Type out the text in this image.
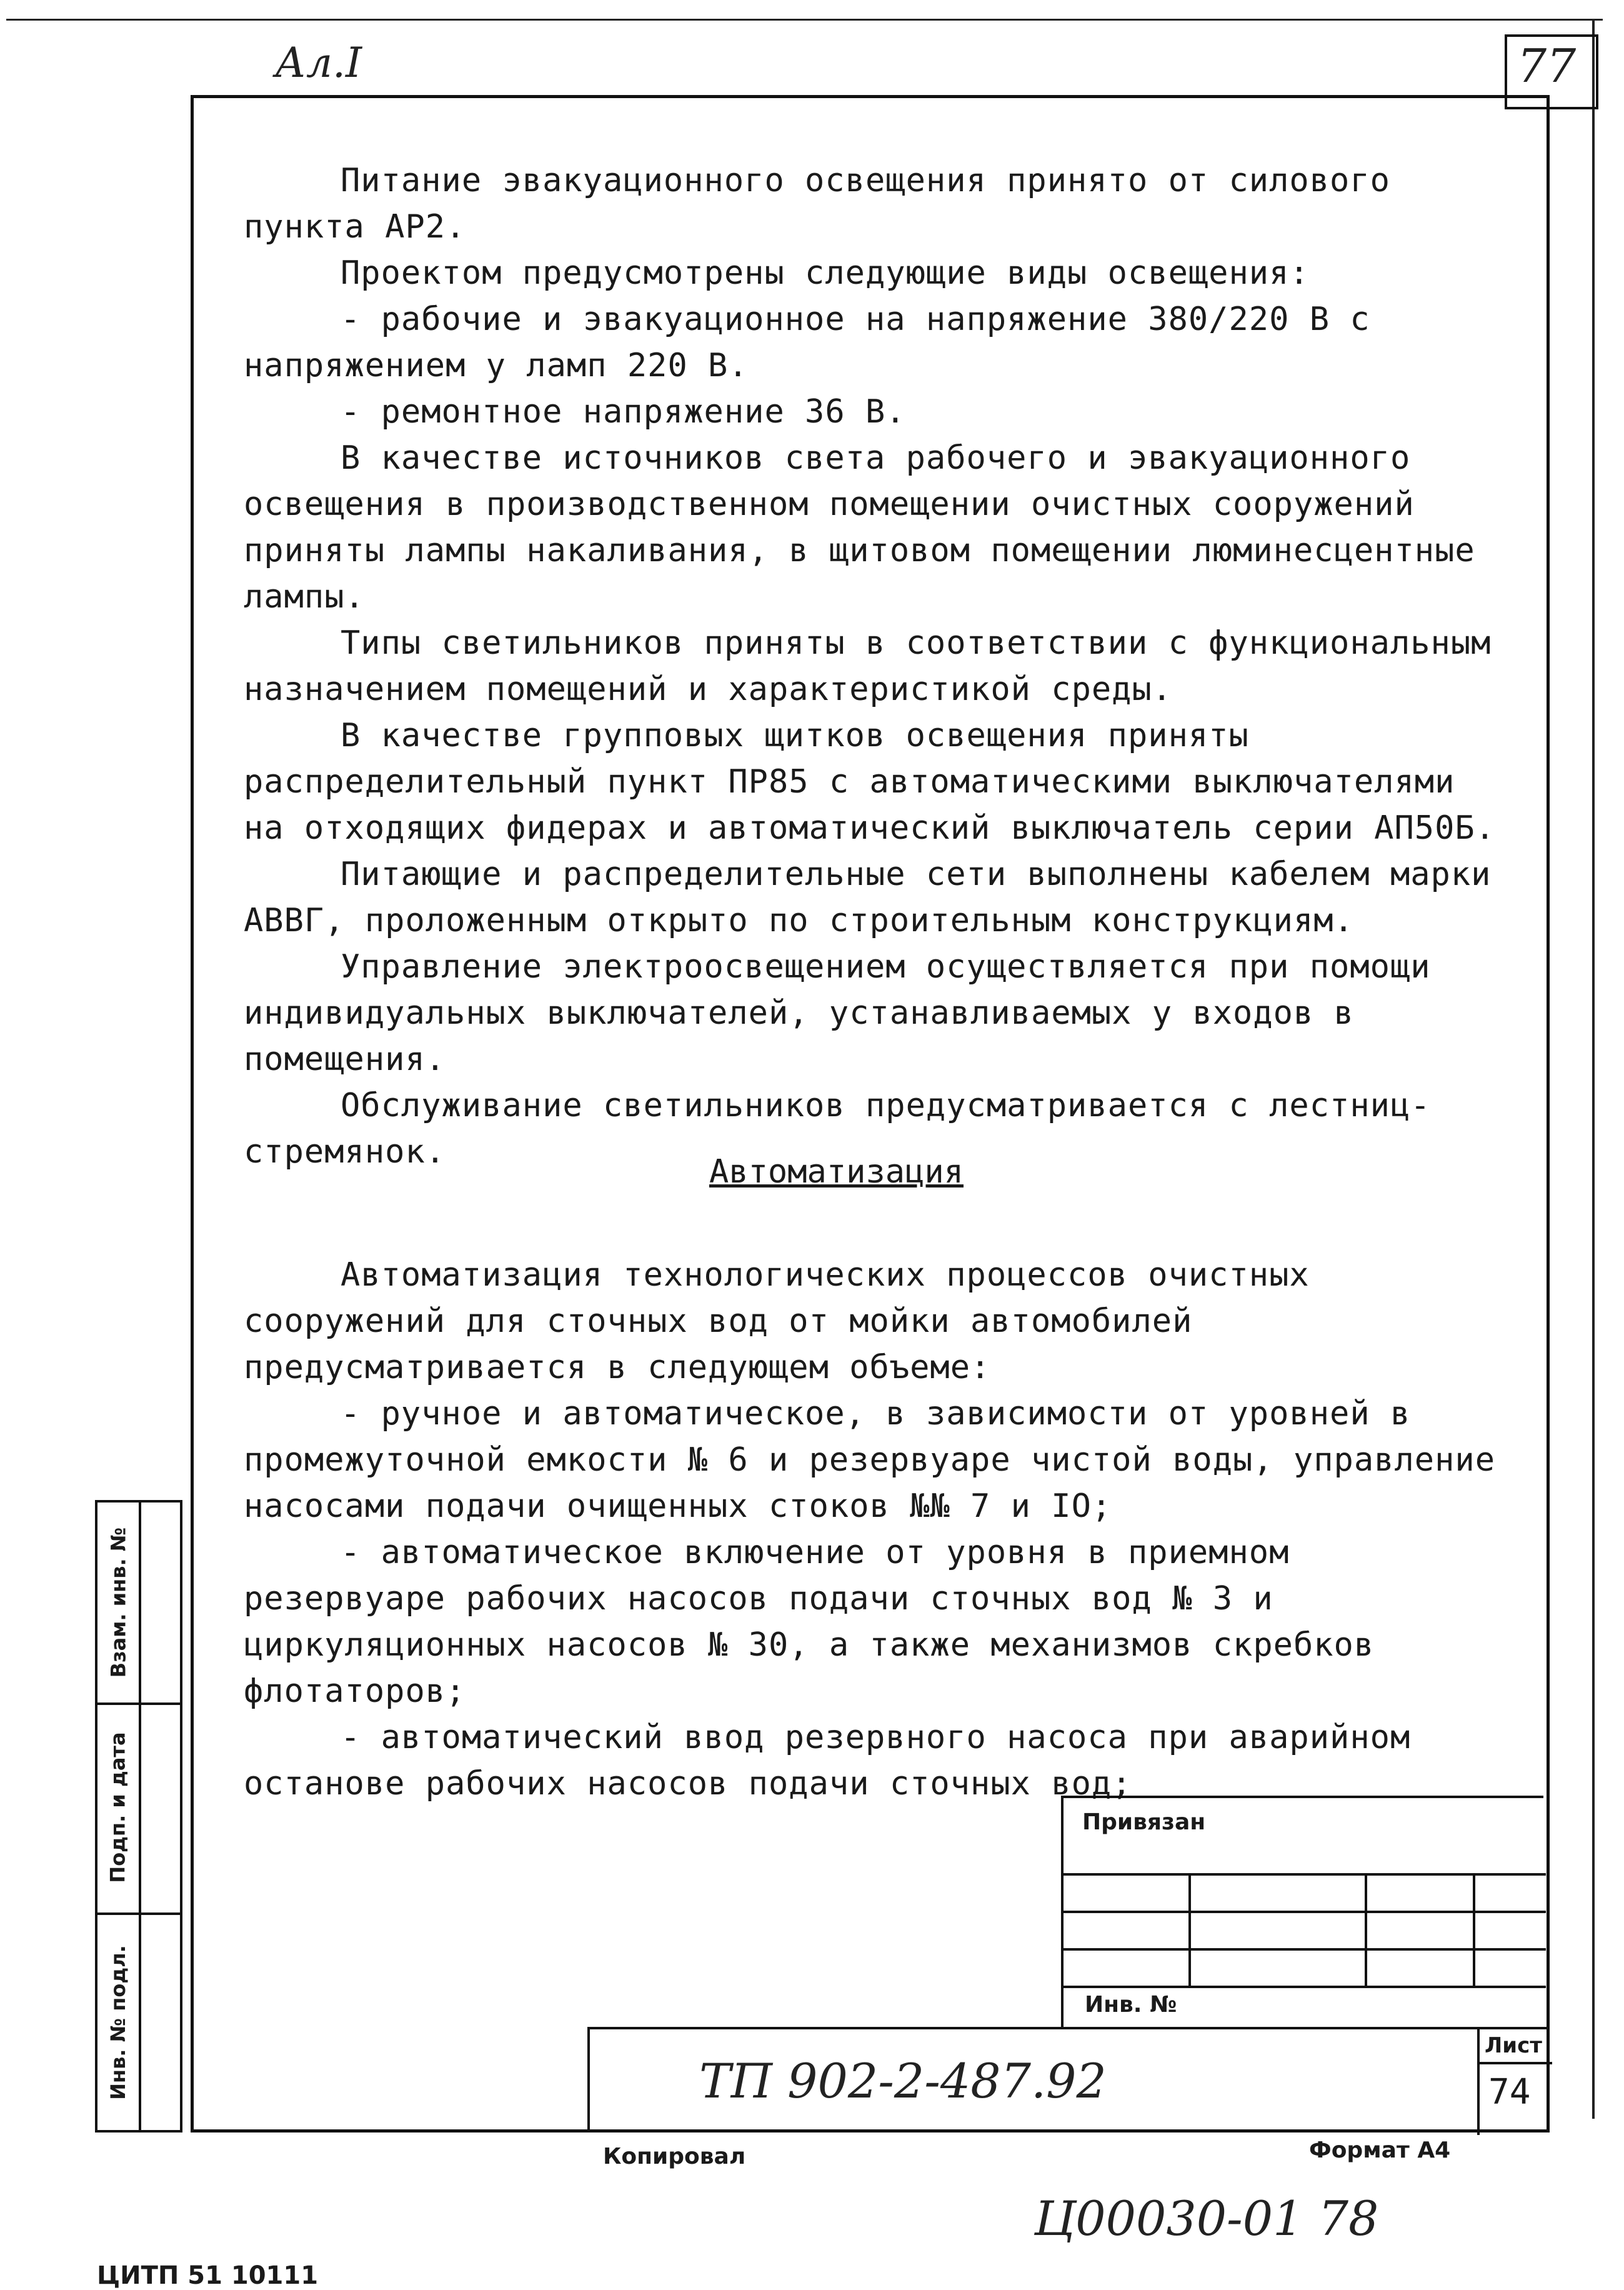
Ал.I	77

Питание эвакуационного освещения принято от силового пункта АР2.

Проектом предусмотрены следующие виды освещения:

- рабочие и эвакуационное на напряжение 380/220 В с напряжением у ламп 220 В.

- ремонтное напряжение 36 В.

В качестве источников света рабочего и эвакуационного освещения в производственном помещении очистных сооружений приняты лампы накаливания, в щитовом помещении люминесцентные лампы.

Типы светильников приняты в соответствии с функциональным назначением помещений и характеристикой среды.

В качестве групповых щитков освещения приняты распределительный пункт ПР85 с автоматическими выключателями на отходящих фидерах и автоматический выключатель серии АП50Б.

Питающие и распределительные сети выполнены кабелем марки АВВГ, проложенным открыто по строительным конструкциям.

Управление электроосвещением осуществляется при помощи индивидуальных выключателей, устанавливаемых у входов в помещения.

Обслуживание светильников предусматривается с лестниц-стремянок.

Автоматизация

Автоматизация технологических процессов очистных сооружений для сточных вод от мойки автомобилей предусматривается в следующем объеме:

- ручное и автоматическое, в зависимости от уровней в промежуточной емкости № 6 и резервуаре чистой воды, управление насосами подачи очищенных стоков №№ 7 и IO;

- автоматическое включение от уровня в приемном резервуаре рабочих насосов подачи сточных вод № 3 и циркуляционных насосов № 30, а также механизмов скребков флотаторов;

- автоматический ввод резервного насоса при аварийном останове рабочих насосов подачи сточных вод;

Взам. инв. №
Подп. и дата
Инв. № подл.
Привязан
Инв. №
ТП 902-2-487.92
Лист
74
Копировал	Формат А4
Ц00030-01 78
ЦИТП 51 10111
